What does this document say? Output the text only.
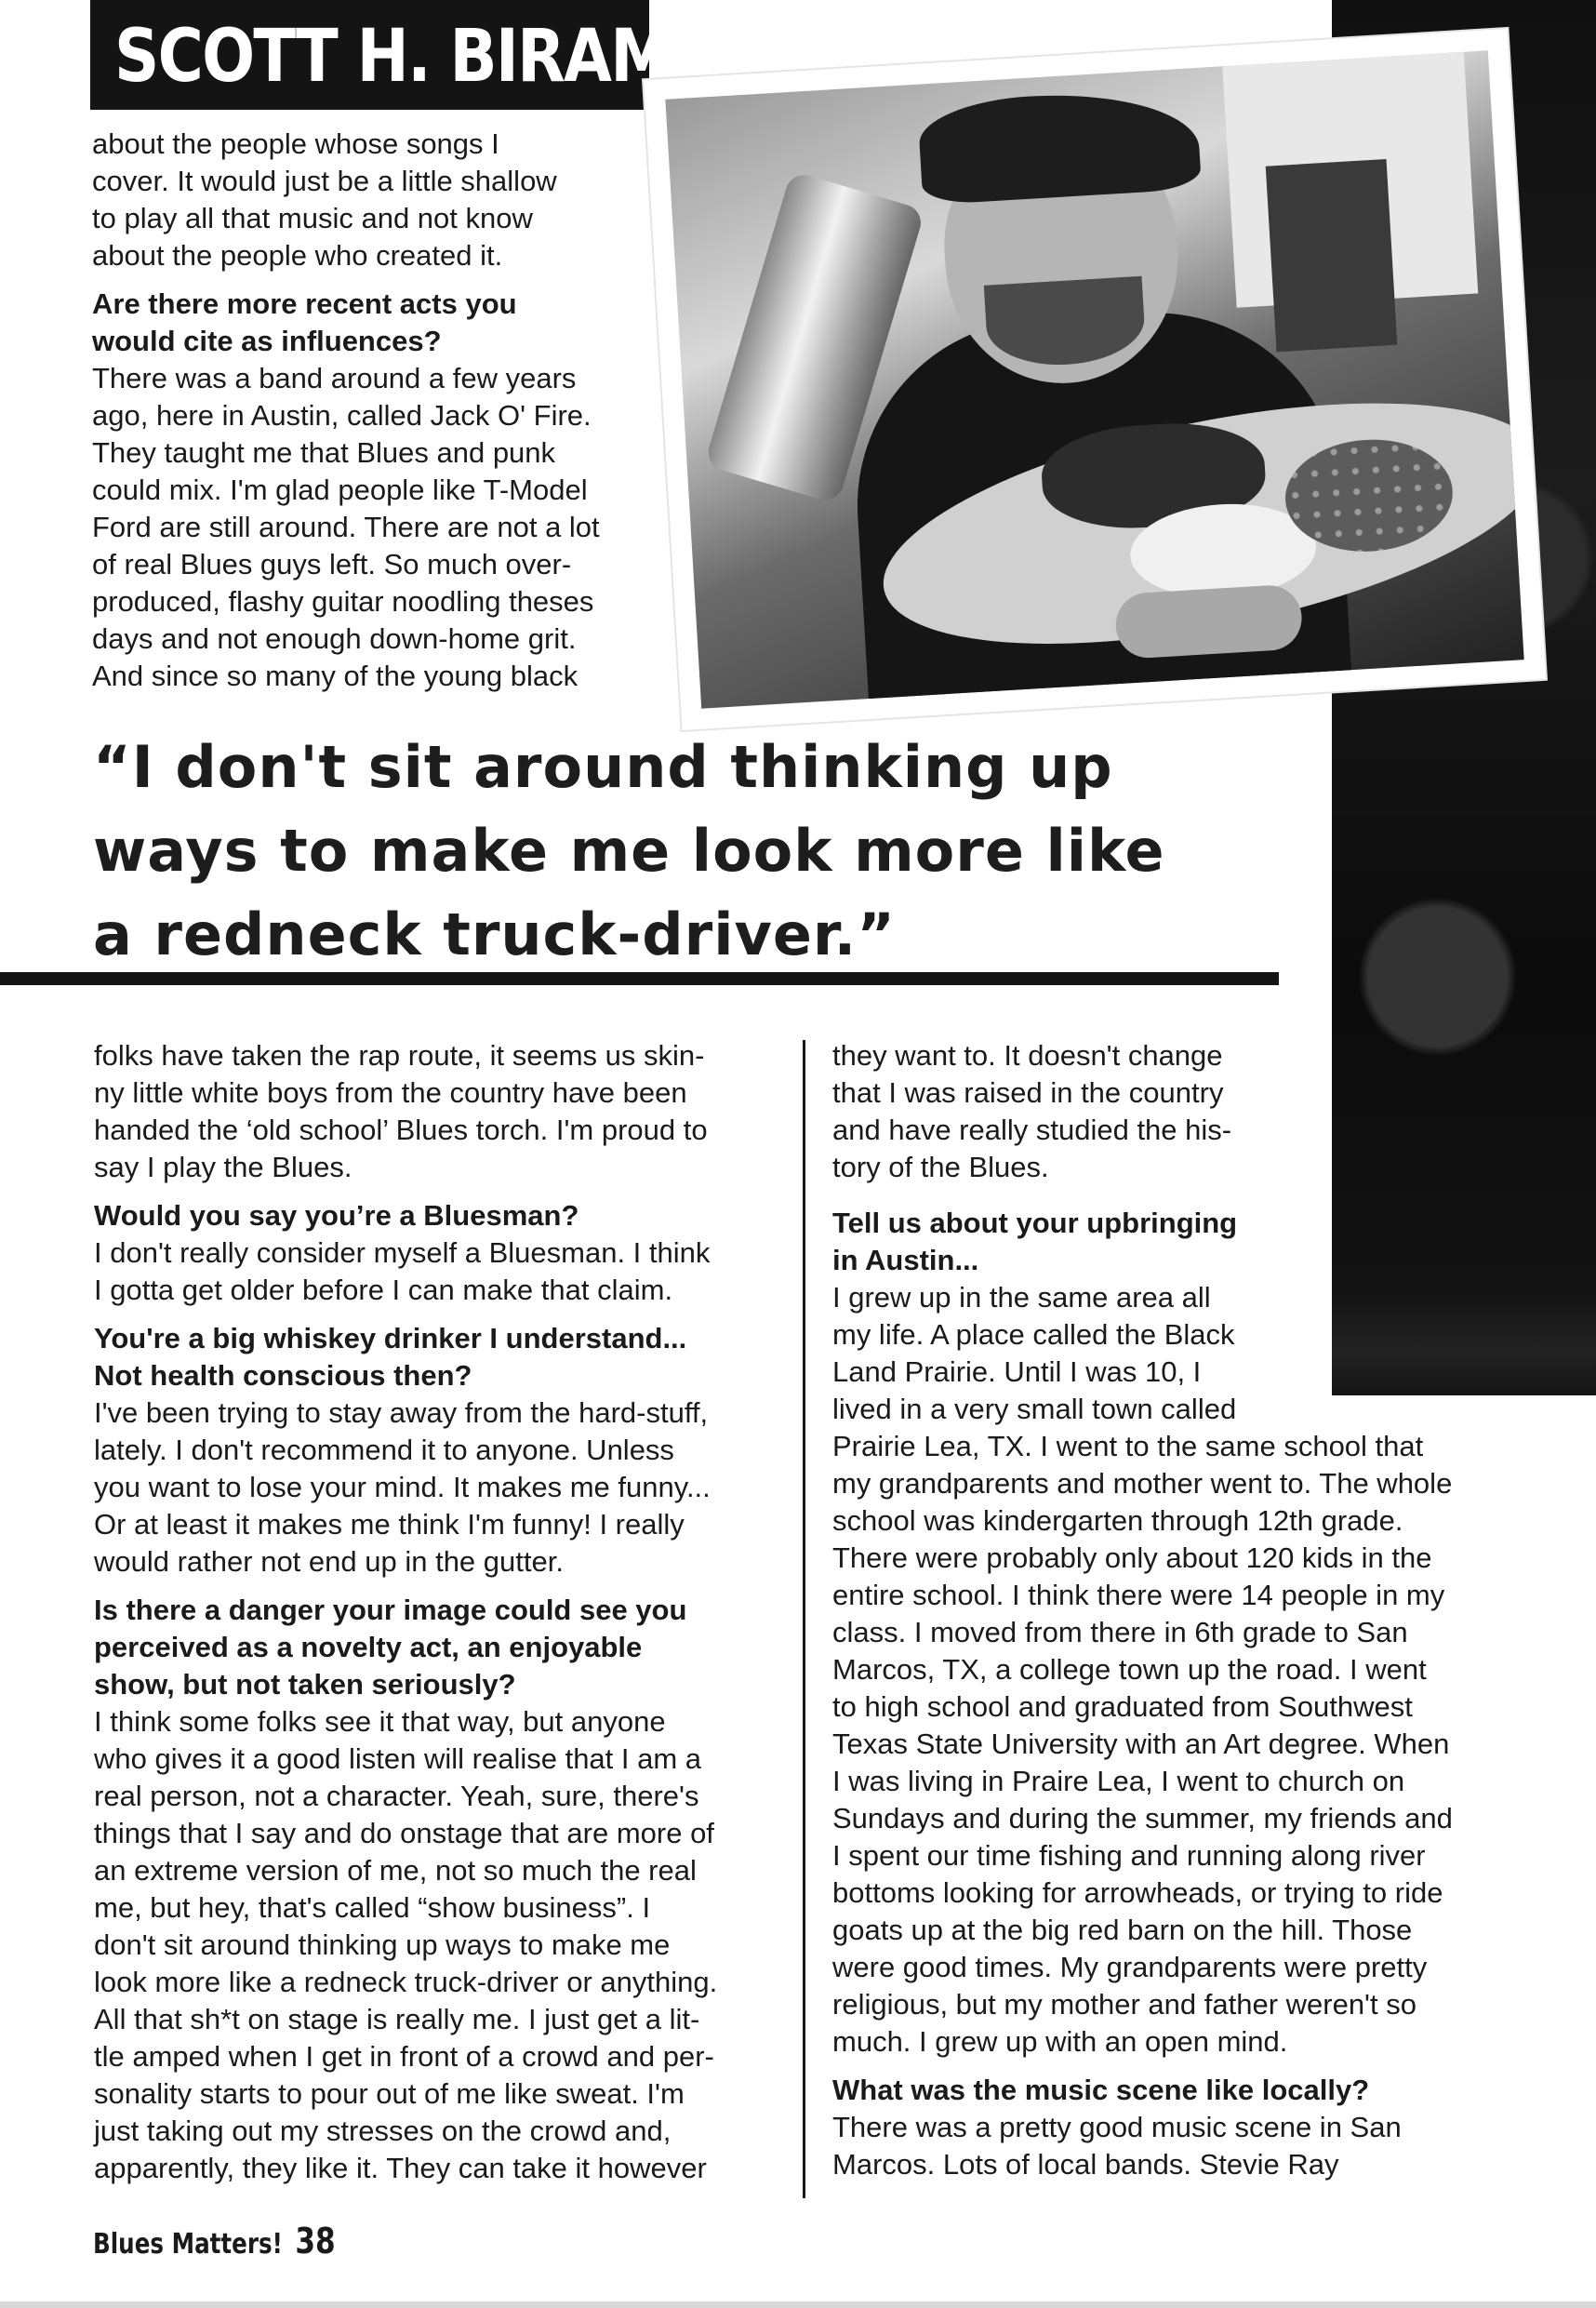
SCOTT H. BIRAM

about the people whose songs I

cover. It would just be a little shallow

to play all that music and not know

about the people who created it.

Are there more recent acts you

would cite as influences?

There was a band around a few years

ago, here in Austin, called Jack O' Fire.

They taught me that Blues and punk

could mix. I'm glad people like T-Model

Ford are still around. There are not a lot

of real Blues guys left. So much over-

produced, flashy guitar noodling theses

days and not enough down-home grit.

And since so many of the young black

“I don't sit around thinking up
ways to make me look more like
a redneck truck-driver.”

folks have taken the rap route, it seems us skin-

ny little white boys from the country have been

handed the ‘old school’ Blues torch. I'm proud to

say I play the Blues.

Would you say you’re a Bluesman?

I don't really consider myself a Bluesman. I think

I gotta get older before I can make that claim.

You're a big whiskey drinker I understand...

Not health conscious then?

I've been trying to stay away from the hard-stuff,

lately. I don't recommend it to anyone. Unless

you want to lose your mind. It makes me funny...

Or at least it makes me think I'm funny! I really

would rather not end up in the gutter.

Is there a danger your image could see you

perceived as a novelty act, an enjoyable

show, but not taken seriously?

I think some folks see it that way, but anyone

who gives it a good listen will realise that I am a

real person, not a character. Yeah, sure, there's

things that I say and do onstage that are more of

an extreme version of me, not so much the real

me, but hey, that's called “show business”. I

don't sit around thinking up ways to make me

look more like a redneck truck-driver or anything.

All that sh*t on stage is really me. I just get a lit-

tle amped when I get in front of a crowd and per-

sonality starts to pour out of me like sweat. I'm

just taking out my stresses on the crowd and,

apparently, they like it. They can take it however

they want to. It doesn't change

that I was raised in the country

and have really studied the his-

tory of the Blues.

Tell us about your upbringing

in Austin...

I grew up in the same area all

my life. A place called the Black

Land Prairie. Until I was 10, I

lived in a very small town called

Prairie Lea, TX. I went to the same school that

my grandparents and mother went to. The whole

school was kindergarten through 12th grade.

There were probably only about 120 kids in the

entire school. I think there were 14 people in my

class. I moved from there in 6th grade to San

Marcos, TX, a college town up the road. I went

to high school and graduated from Southwest

Texas State University with an Art degree. When

I was living in Praire Lea, I went to church on

Sundays and during the summer, my friends and

I spent our time fishing and running along river

bottoms looking for arrowheads, or trying to ride

goats up at the big red barn on the hill. Those

were good times. My grandparents were pretty

religious, but my mother and father weren't so

much. I grew up with an open mind.

What was the music scene like locally?

There was a pretty good music scene in San

Marcos. Lots of local bands. Stevie Ray

Blues Matters! 38
